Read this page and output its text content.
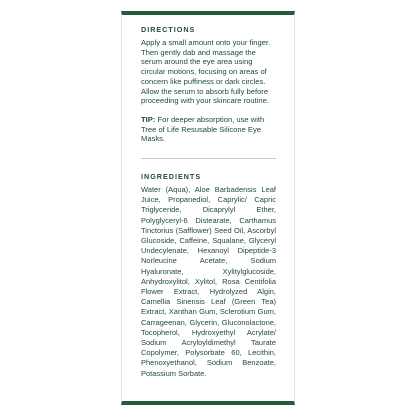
DIRECTIONS

Apply a small amount onto your finger. Then gently dab and massage the serum around the eye area using circular motions, focusing on areas of concern like puffiness or dark circles. Allow the serum to absorb fully before proceeding with your skincare routine.

TIP: For deeper absorption, use with Tree of Life Resusable Silicone Eye Masks.

INGREDIENTS

Water (Aqua), Aloe Barbadensis Leaf Juice, Propanediol, Caprylic/ Capric Triglyceride, Dicaprylyl Ether, Polyglyceryl-6 Distearate, Carthamus Tinctorius (Safflower) Seed Oil, Ascorbyl Glucoside, Caffeine, Squalane, Glyceryl Undecylenate, Hexanoyl Dipeptide-3 Norleucine Acetate, Sodium Hyaluronate, Xylitylglucoside, Anhydroxylitol, Xylitol, Rosa Centifolia Flower Extract, Hydrolyzed Algin, Camellia Sinensis Leaf (Green Tea) Extract, Xanthan Gum, Sclerotium Gum, Carrageenan, Glycerin, Gluconolactone, Tocopherol, Hydroxyethyl Acrylate/ Sodium Acryloyldimethyl Taurate Copolymer, Polysorbate 60, Lecithin, Phenoxyethanol, Sodium Benzoate, Potassium Sorbate.
